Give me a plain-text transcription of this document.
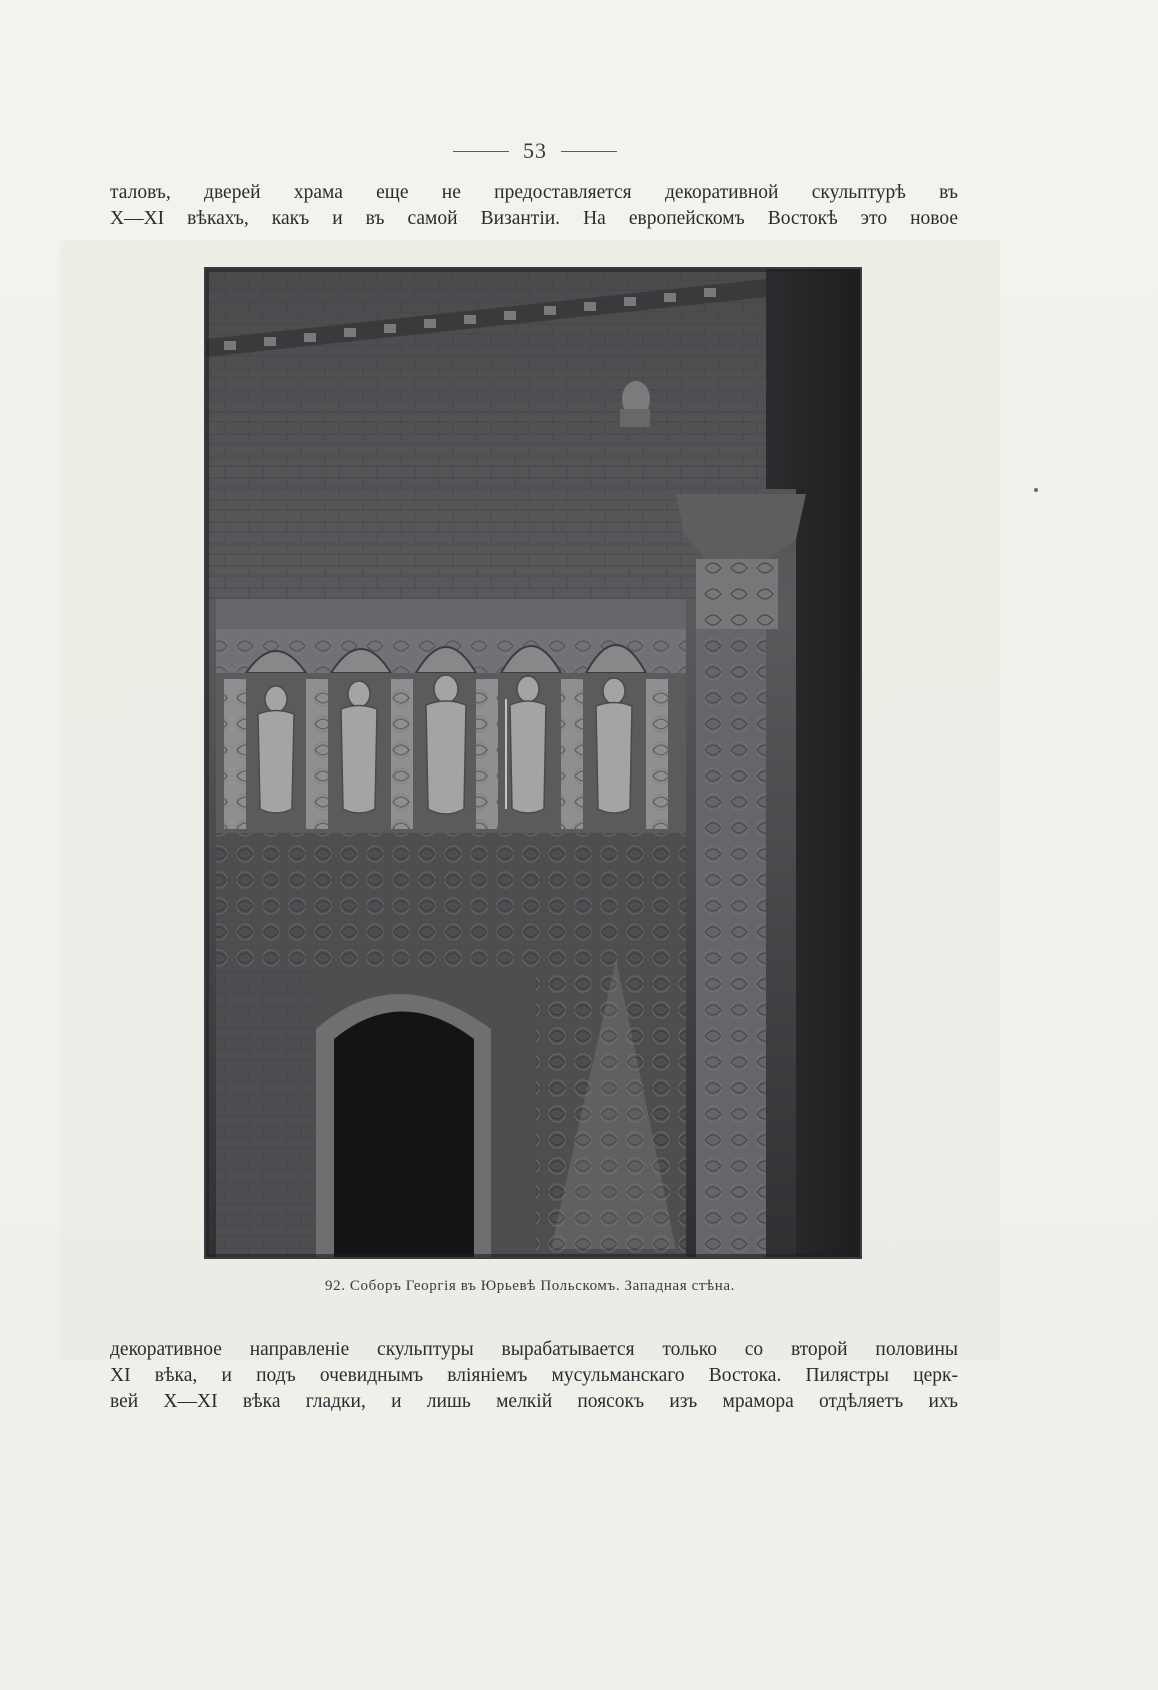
53
таловъ, дверей храма еще не предоставляется декоративной скульптурѣ въ
X—XI вѣкахъ, какъ и въ самой Византіи. На европейскомъ Востокѣ это новое
92. Соборъ Георгія въ Юрьевѣ Польскомъ. Западная стѣна.
декоративное направленіе скульптуры вырабатывается только со второй половины
XI вѣка, и подъ очевиднымъ вліяніемъ мусульманскаго Востока. Пилястры церк-
вей X—XI вѣка гладки, и лишь мелкій поясокъ изъ мрамора отдѣляетъ ихъ
